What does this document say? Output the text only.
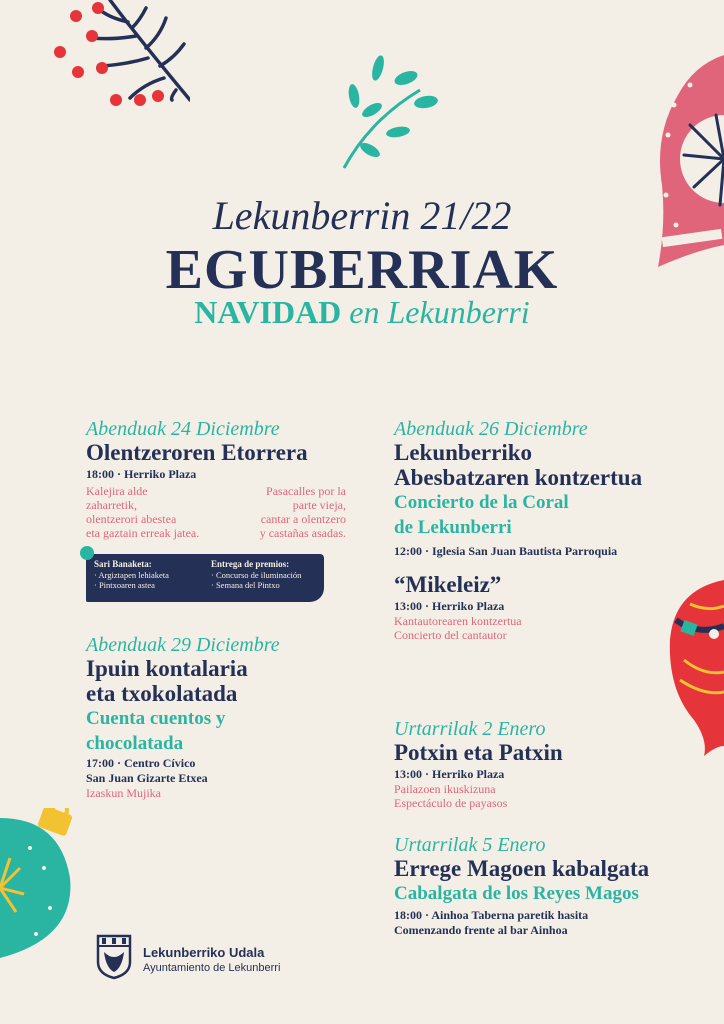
Lekunberrin 21/22
EGUBERRIAK
NAVIDAD en Lekunberri
Abenduak 24 Diciembre
Olentzeroren Etorrera
18:00 · Herriko Plaza
Kalejira alde
zaharretik,
olentzerori abestea
eta gaztain erreak jatea.
Pasacalles por la
parte vieja,
cantar a olentzero
y castañas asadas.
Sari Banaketa:
· Argiztapen lehiaketa
· Pintxoaren astea
Entrega de premios:
· Concurso de iluminación
· Semana del Pintxo
Abenduak 26 Diciembre
Lekunberriko
Abesbatzaren kontzertua
Concierto de la Coral
de Lekunberri
12:00 · Iglesia San Juan Bautista Parroquia
“Mikeleiz”
13:00 · Herriko Plaza
Kantautorearen kontzertua
Concierto del cantautor
Abenduak 29 Diciembre
Ipuin kontalaria
eta txokolatada
Cuenta cuentos y
chocolatada
17:00 · Centro Cívico
San Juan Gizarte Etxea
Izaskun Mujika
Urtarrilak 2 Enero
Potxin eta Patxin
13:00 · Herriko Plaza
Pailazoen ikuskizuna
Espectáculo de payasos
Urtarrilak 5 Enero
Errege Magoen kabalgata
Cabalgata de los Reyes Magos
18:00 · Ainhoa Taberna paretik hasita
Comenzando frente al bar Ainhoa
Lekunberriko Udala
Ayuntamiento de Lekunberri
